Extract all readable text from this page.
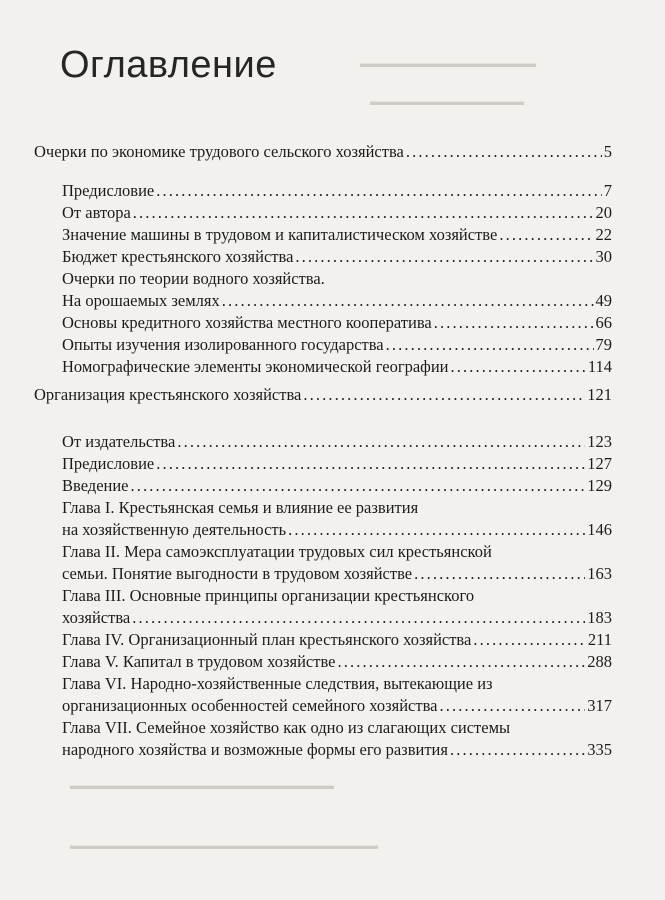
▬▬▬▬▬▬▬▬▬▬▬▬▬▬▬▬
▬▬▬▬▬▬▬▬▬▬▬▬▬▬
▬▬▬▬▬▬▬▬▬▬▬▬▬▬▬▬▬▬▬▬▬▬▬▬
▬▬▬▬▬▬▬▬▬▬▬▬▬▬▬▬▬▬▬▬▬▬▬▬▬▬▬▬
Оглавление
Очерки по экономике трудового сельского хозяйства . . .	5
Предисловие . . .	7
От автора . . .	20
Значение машины в трудовом и капиталистическом хозяйстве . . .	22
Бюджет крестьянского хозяйства . . .	30
Очерки по теории водного хозяйства.
На орошаемых землях . . .	49
Основы кредитного хозяйства местного кооператива . . .	66
Опыты изучения изолированного государства . . .	79
Номографические элементы экономической географии . . .	114
Организация крестьянского хозяйства . . .	121
От издательства . . .	123
Предисловие . . .	127
Введение . . .	129
Глава I. Крестьянская семья и влияние ее развития
на хозяйственную деятельность . . .	146
Глава II. Мера самоэксплуатации трудовых сил крестьянской
семьи. Понятие выгодности в трудовом хозяйстве . . .	163
Глава III. Основные принципы организации крестьянского
хозяйства . . .	183
Глава IV. Организационный план крестьянского хозяйства . . .	211
Глава V. Капитал в трудовом хозяйстве . . .	288
Глава VI. Народно-хозяйственные следствия, вытекающие из
организационных особенностей семейного хозяйства . . .	317
Глава VII. Семейное хозяйство как одно из слагающих системы
народного хозяйства и возможные формы его развития . . .	335
